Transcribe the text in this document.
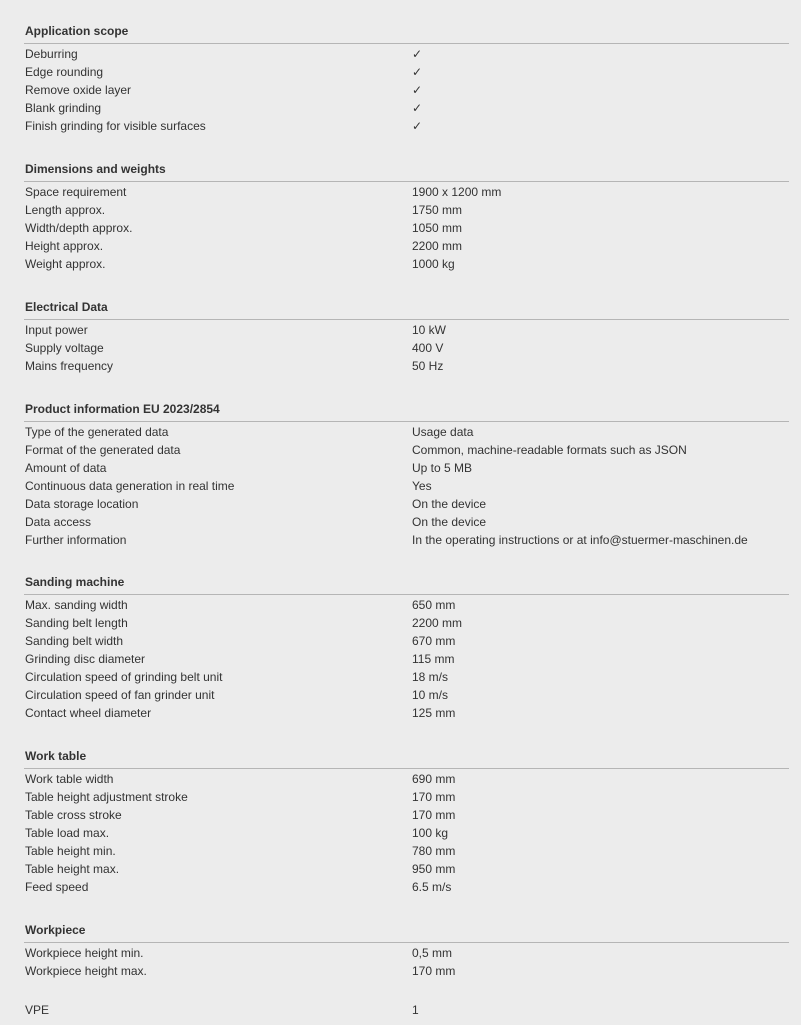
Application scope
Deburring	✓
Edge rounding	✓
Remove oxide layer	✓
Blank grinding	✓
Finish grinding for visible surfaces	✓
Dimensions and weights
Space requirement	1900 x 1200 mm
Length approx.	1750 mm
Width/depth approx.	1050 mm
Height approx.	2200 mm
Weight approx.	1000 kg
Electrical Data
Input power	10 kW
Supply voltage	400 V
Mains frequency	50 Hz
Product information EU 2023/2854
Type of the generated data	Usage data
Format of the generated data	Common, machine-readable formats such as JSON
Amount of data	Up to 5 MB
Continuous data generation in real time	Yes
Data storage location	On the device
Data access	On the device
Further information	In the operating instructions or at info@stuermer-maschinen.de
Sanding machine
Max. sanding width	650 mm
Sanding belt length	2200 mm
Sanding belt width	670 mm
Grinding disc diameter	115 mm
Circulation speed of grinding belt unit	18 m/s
Circulation speed of fan grinder unit	10 m/s
Contact wheel diameter	125 mm
Work table
Work table width	690 mm
Table height adjustment stroke	170 mm
Table cross stroke	170 mm
Table load max.	100 kg
Table height min.	780 mm
Table height max.	950 mm
Feed speed	6.5 m/s
Workpiece
Workpiece height min.	0,5 mm
Workpiece height max.	170 mm
VPE	1
